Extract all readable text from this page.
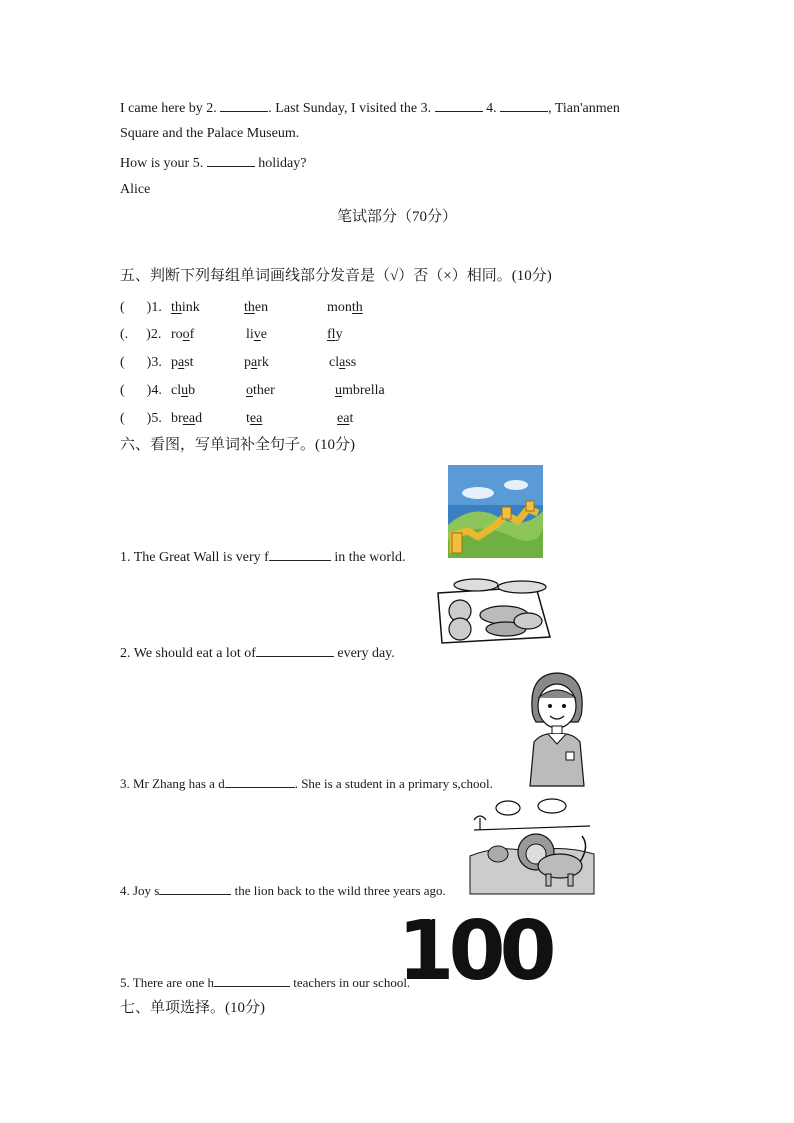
I came here by 2.	. Last Sunday, I visited the 3.	4.	, Tian'anmen
Square and the Palace Museum.
How is your 5.	holiday?
Alice
笔试部分（70分）
五、判断下列每组单词画线部分发音是（√）否（×）相同。(10分)
( )1. think	then	month
(. )2. roof	live	fly
( )3. past	park	class
( )4. club	other	umbrella
( )5. bread	tea	eat
六、看图，写单词补全句子。(10分)
1. The Great Wall is very f	in the world.
2. We should eat a lot of	every day.
3. Mr Zhang has a d	. She is a student in a primary s,chool.
4. Joy s	the lion back to the wild three years ago.
5. There are one h	teachers in our school.
100
七、单项选择。(10分)
